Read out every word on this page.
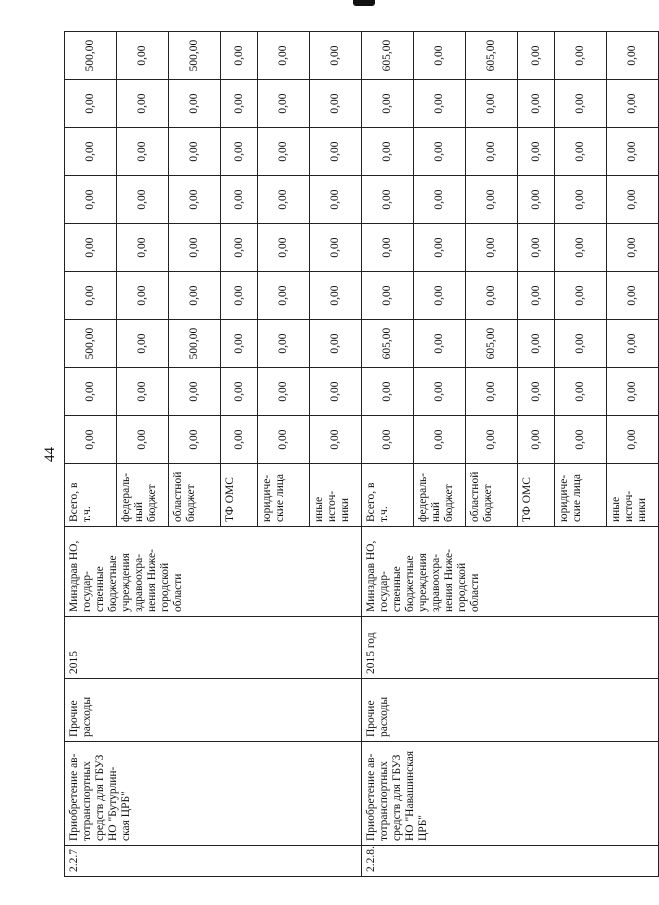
44
2.2.7	Приобретение ав-тотранспортных средств для ГБУЗ НО "Бутурлин-ская ЦРБ"	Прочие расходы	2015	Минздрав НО, государ-ственные бюджетные учреждения здравоохра-нения Ниже-городской области	Всего, в т.ч.	0,00	0,00	500,00	0,00	0,00	0,00	0,00	0,00	500,00
					федераль-ный бюджет	0,00	0,00	0,00	0,00	0,00	0,00	0,00	0,00	0,00
					областной бюджет	0,00	0,00	500,00	0,00	0,00	0,00	0,00	0,00	500,00
					ТФ ОМС	0,00	0,00	0,00	0,00	0,00	0,00	0,00	0,00	0,00
					юридиче-ские лица	0,00	0,00	0,00	0,00	0,00	0,00	0,00	0,00	0,00
					иные источ-ники	0,00	0,00	0,00	0,00	0,00	0,00	0,00	0,00	0,00
2.2.8.	Приобретение ав-тотранспортных средств для ГБУЗ НО "Навашинская ЦРБ"	Прочие расходы	2015 год	Минздрав НО, государ-ственные бюджетные учреждения здравоохра-нения Ниже-городской области	Всего, в т.ч.	0,00	0,00	605,00	0,00	0,00	0,00	0,00	0,00	605,00
					федераль-ный бюджет	0,00	0,00	0,00	0,00	0,00	0,00	0,00	0,00	0,00
					областной бюджет	0,00	0,00	605,00	0,00	0,00	0,00	0,00	0,00	605,00
					ТФ ОМС	0,00	0,00	0,00	0,00	0,00	0,00	0,00	0,00	0,00
					юридиче-ские лица	0,00	0,00	0,00	0,00	0,00	0,00	0,00	0,00	0,00
					иные источ-ники	0,00	0,00	0,00	0,00	0,00	0,00	0,00	0,00	0,00
